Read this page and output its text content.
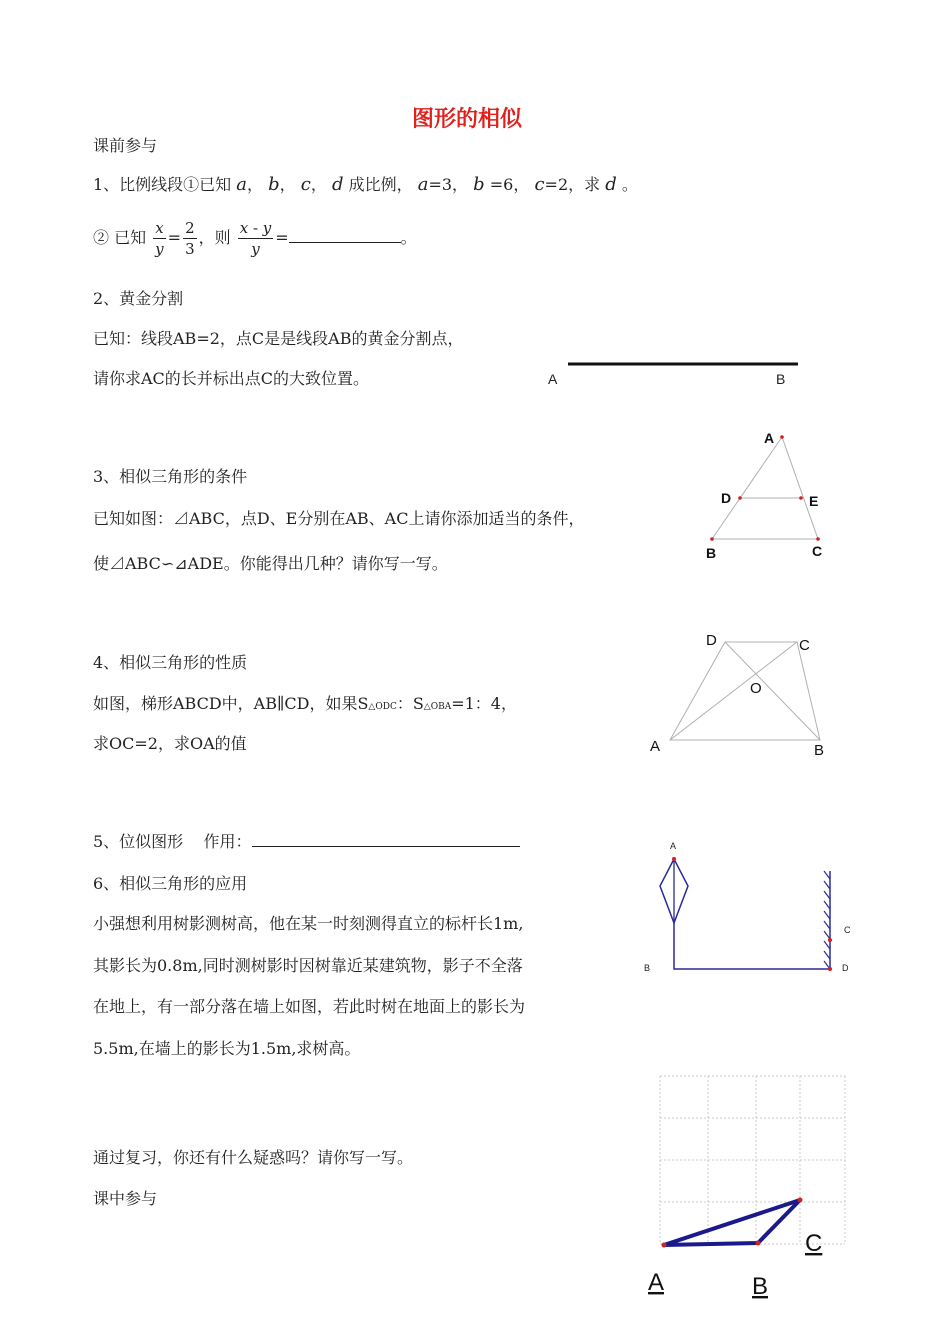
图形的相似
课前参与
1、比例线段①已知 a， b， c， d 成比例， a=3， b =6， c=2，求 d 。
② 已知 $\frac{x}{y} = \frac{2}{3}$ ，则 $\frac{x - y}{y}$ =	。
2、黄金分割
已知：线段AB=2，点C是是线段AB的黄金分割点，
请你求AC的长并标出点C的大致位置。	A	B
3、相似三角形的条件
已知如图：⊿ABC，点D、E分别在AB、AC上请你添加适当的条件，
使⊿ABC∽⊿ADE。你能得出几种？请你写一写。
A
D	E
B	C
4、相似三角形的性质
如图，梯形ABCD中，AB∥CD，如果S△ODC：S△OBA=1：4，
求OC=2，求OA的值
D	C
O
A	B
5、位似图形    作用：
6、相似三角形的应用
小强想利用树影测树高，他在某一时刻测得直立的标杆长1m,
其影长为0.8m,同时测树影时因树靠近某建筑物，影子不全落
在地上，有一部分落在墙上如图，若此时树在地面上的影长为
5.5m,在墙上的影长为1.5m,求树高。
A
B
C
D
通过复习，你还有什么疑惑吗？请你写一写。
课中参与
C
A	B
